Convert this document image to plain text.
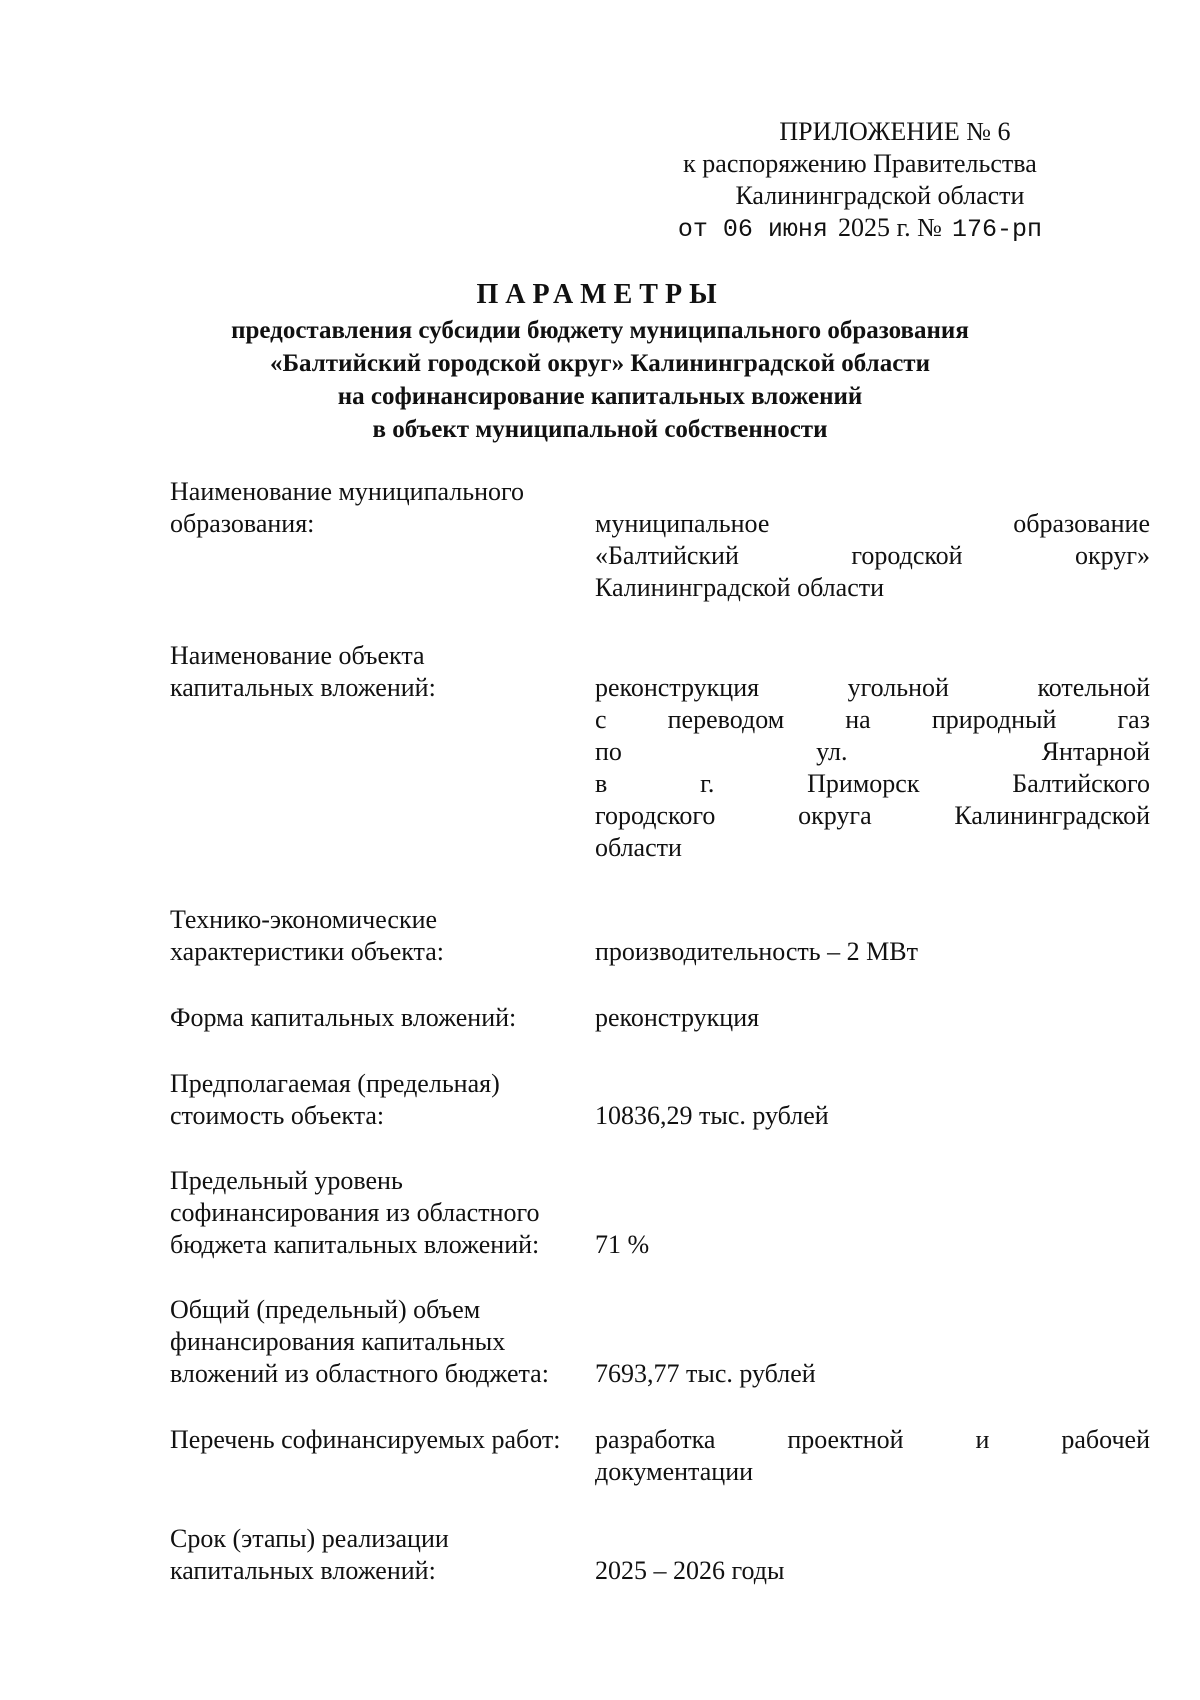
ПРИЛОЖЕНИЕ № 6
к распоряжению Правительства
Калининградской области
от 06 июня 2025 г. № 176-рп
ПАРАМЕТРЫ
предоставления субсидии бюджету муниципального образования
«Балтийский городской округ» Калининградской области
на софинансирование капитальных вложений
в объект муниципальной собственности
Наименование муниципального
образования:	муниципальное образование
«Балтийский городской округ»
Калининградской области
Наименование объекта
капитальных вложений:	реконструкция угольной котельной
с переводом на природный газ
по ул. Янтарной
в г. Приморск Балтийского
городского округа Калининградской
области
Технико-экономические
характеристики объекта:	производительность – 2 МВт
Форма капитальных вложений:	реконструкция
Предполагаемая (предельная)
стоимость объекта:	10836,29 тыс. рублей
Предельный уровень
софинансирования из областного
бюджета капитальных вложений:	71 %
Общий (предельный) объем
финансирования капитальных
вложений из областного бюджета:	7693,77 тыс. рублей
Перечень софинансируемых работ:	разработка проектной и рабочей
документации
Срок (этапы) реализации
капитальных вложений:	2025 – 2026 годы
